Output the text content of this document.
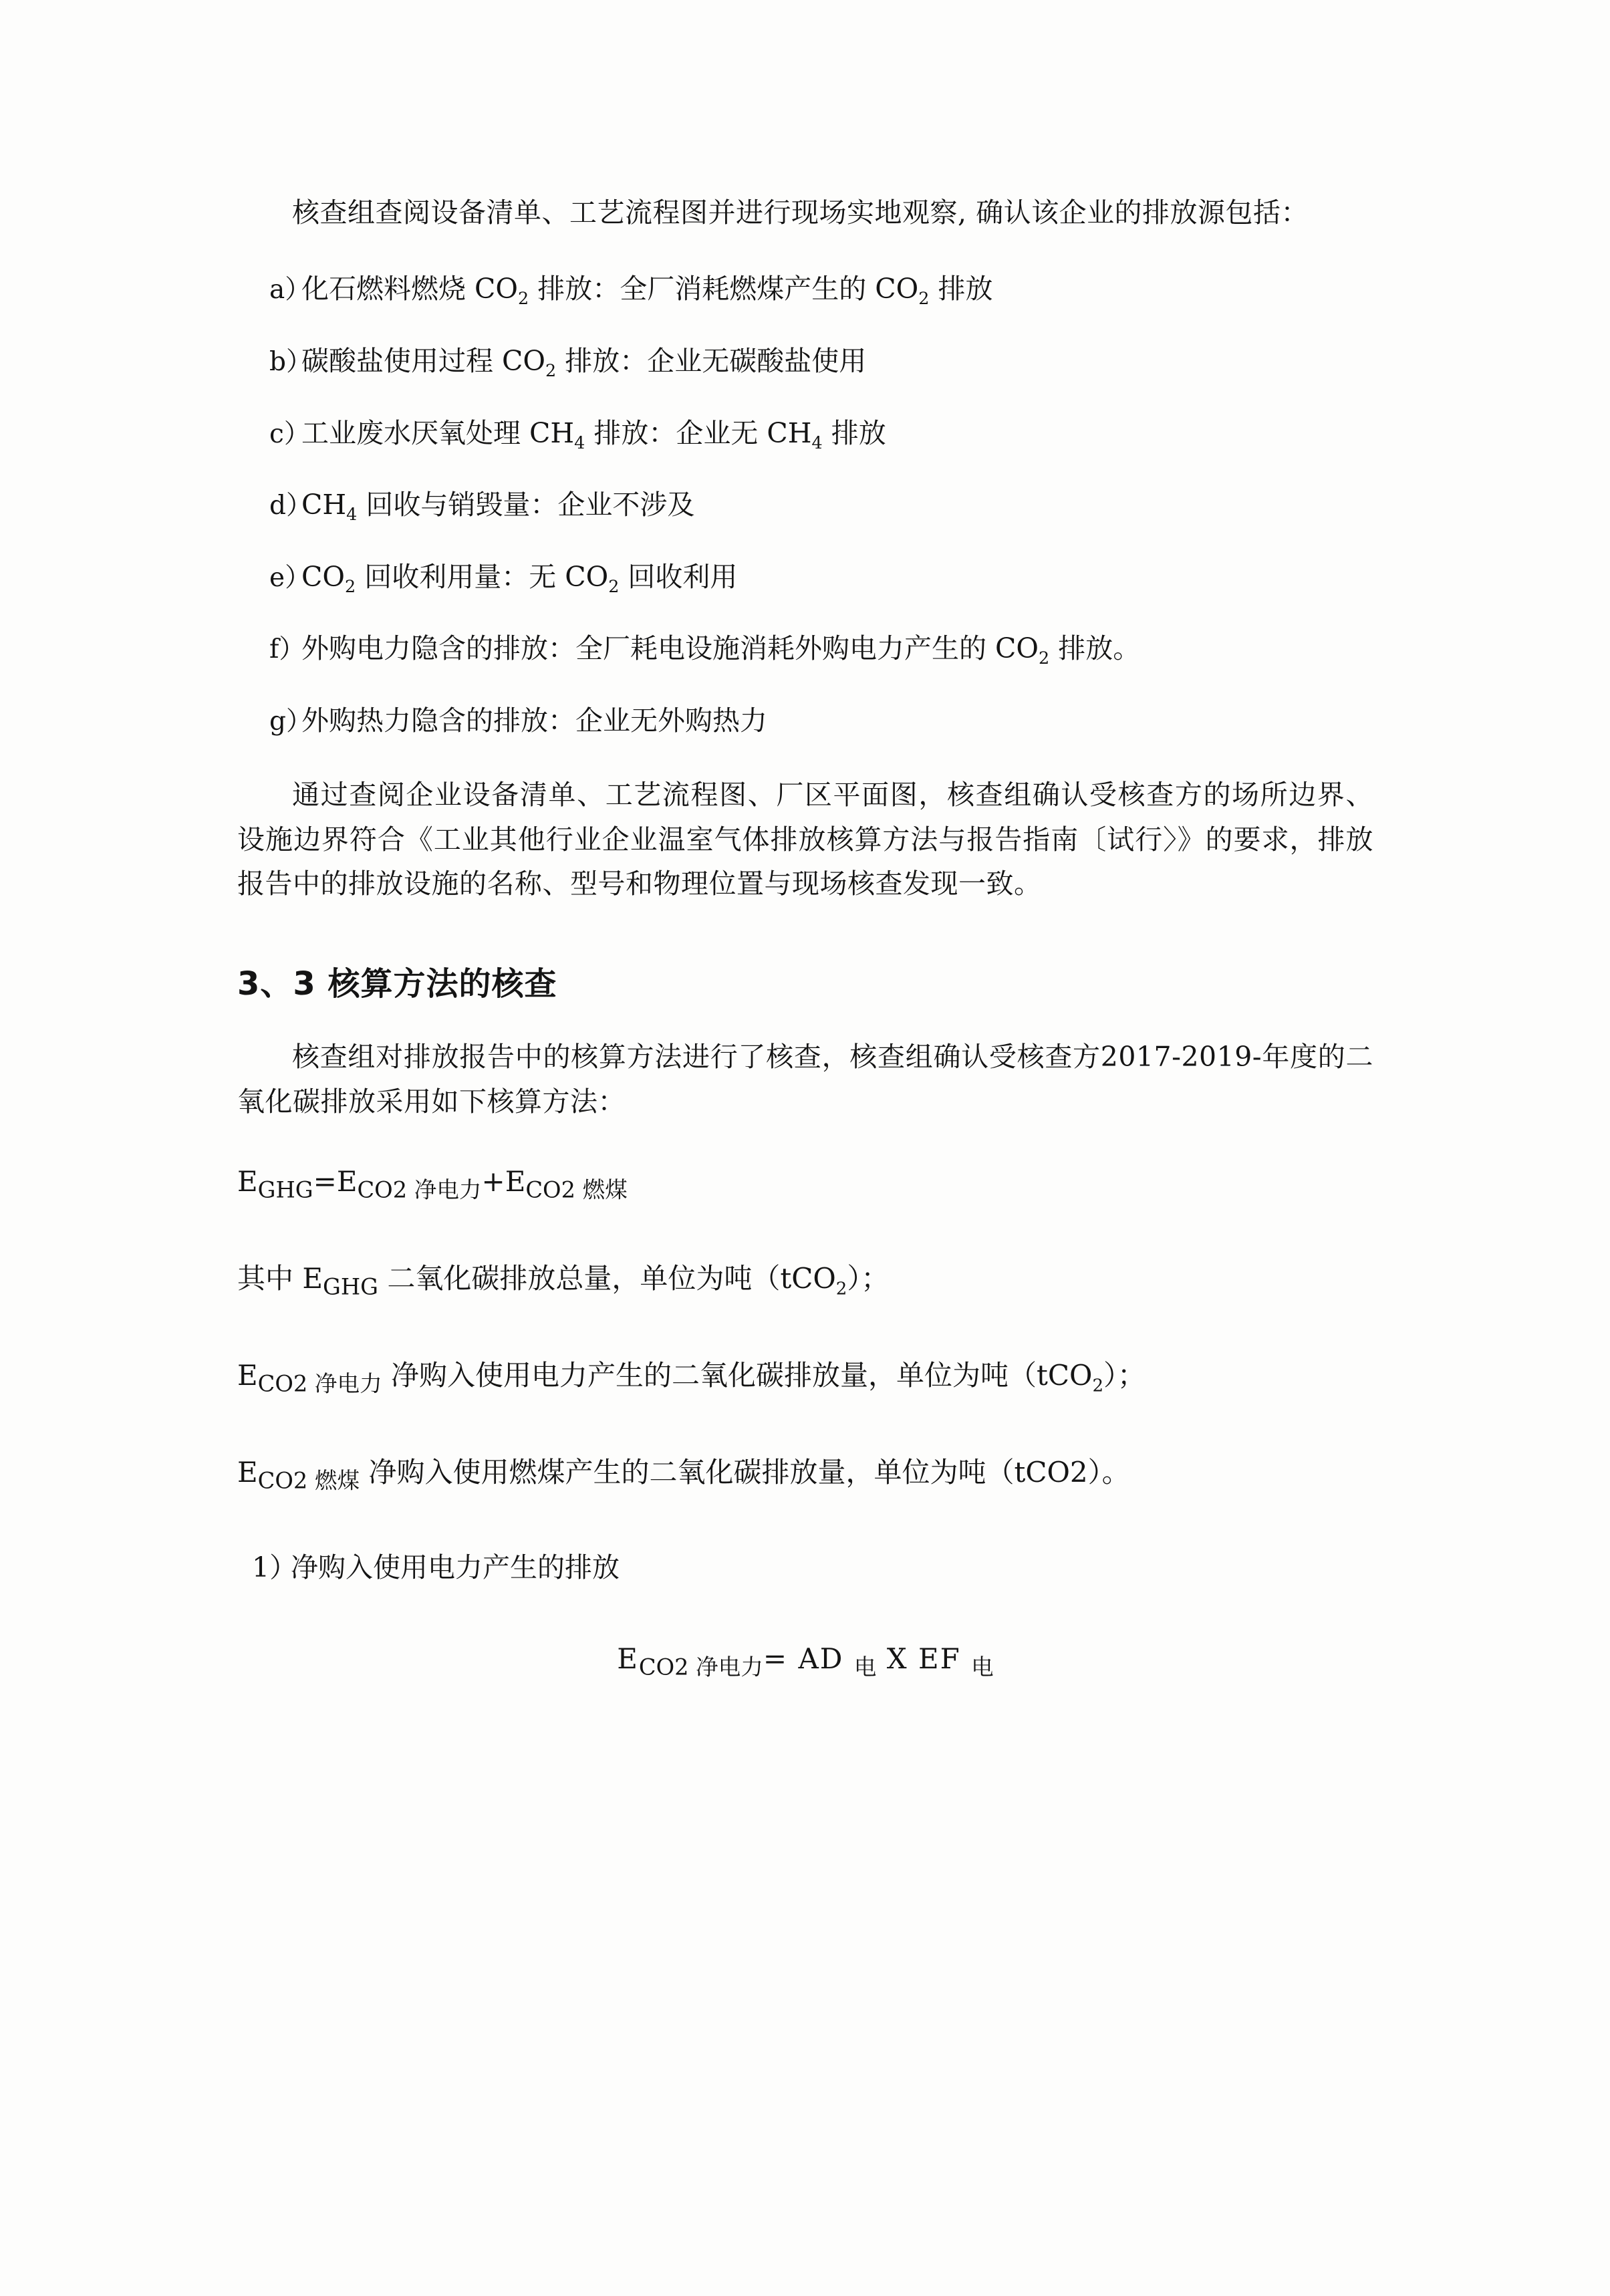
核查组查阅设备清单、工艺流程图并进行现场实地观察, 确认该企业的排放源包括：

a）
化石燃料燃烧 $CO_2$ 排放：全厂消耗燃煤产生的 $CO_2$ 排放
b）
碳酸盐使用过程 $CO_2$ 排放：企业无碳酸盐使用
c）
工业废水厌氧处理 $CH_4$ 排放：企业无 $CH_4$ 排放
d）
$CH_4$ 回收与销毁量：企业不涉及
e）
$CO_2$ 回收利用量：无 $CO_2$ 回收利用
f）
外购电力隐含的排放：全厂耗电设施消耗外购电力产生的 $CO_2$ 排放。
g）
外购热力隐含的排放：企业无外购热力

通过查阅企业设备清单、工艺流程图、厂区平面图，核查组确认受核查方的场所边界、设施边界符合《工业其他行业企业温室气体排放核算方法与报告指南〔试行〉》的要求，排放报告中的排放设施的名称、型号和物理位置与现场核查发现一致。

3、3 核算方法的核查

核查组对排放报告中的核算方法进行了核查，核查组确认受核查方2017-2019-年度的二氧化碳排放采用如下核算方法：

$E_{GHG}=E_{CO2 净电力}+E_{CO2 燃煤}$
其中 $E_{GHG}$ 二氧化碳排放总量，单位为吨（tCO$_2$）；
$E_{CO2 净电力}$ 净购入使用电力产生的二氧化碳排放量，单位为吨（tCO$_2$）；
$E_{CO2 燃煤}$ 净购入使用燃煤产生的二氧化碳排放量，单位为吨（tCO2）。
1）
净购入使用电力产生的排放
$E_{CO2 净电力}=$ AD $_电$ X EF $_电$
